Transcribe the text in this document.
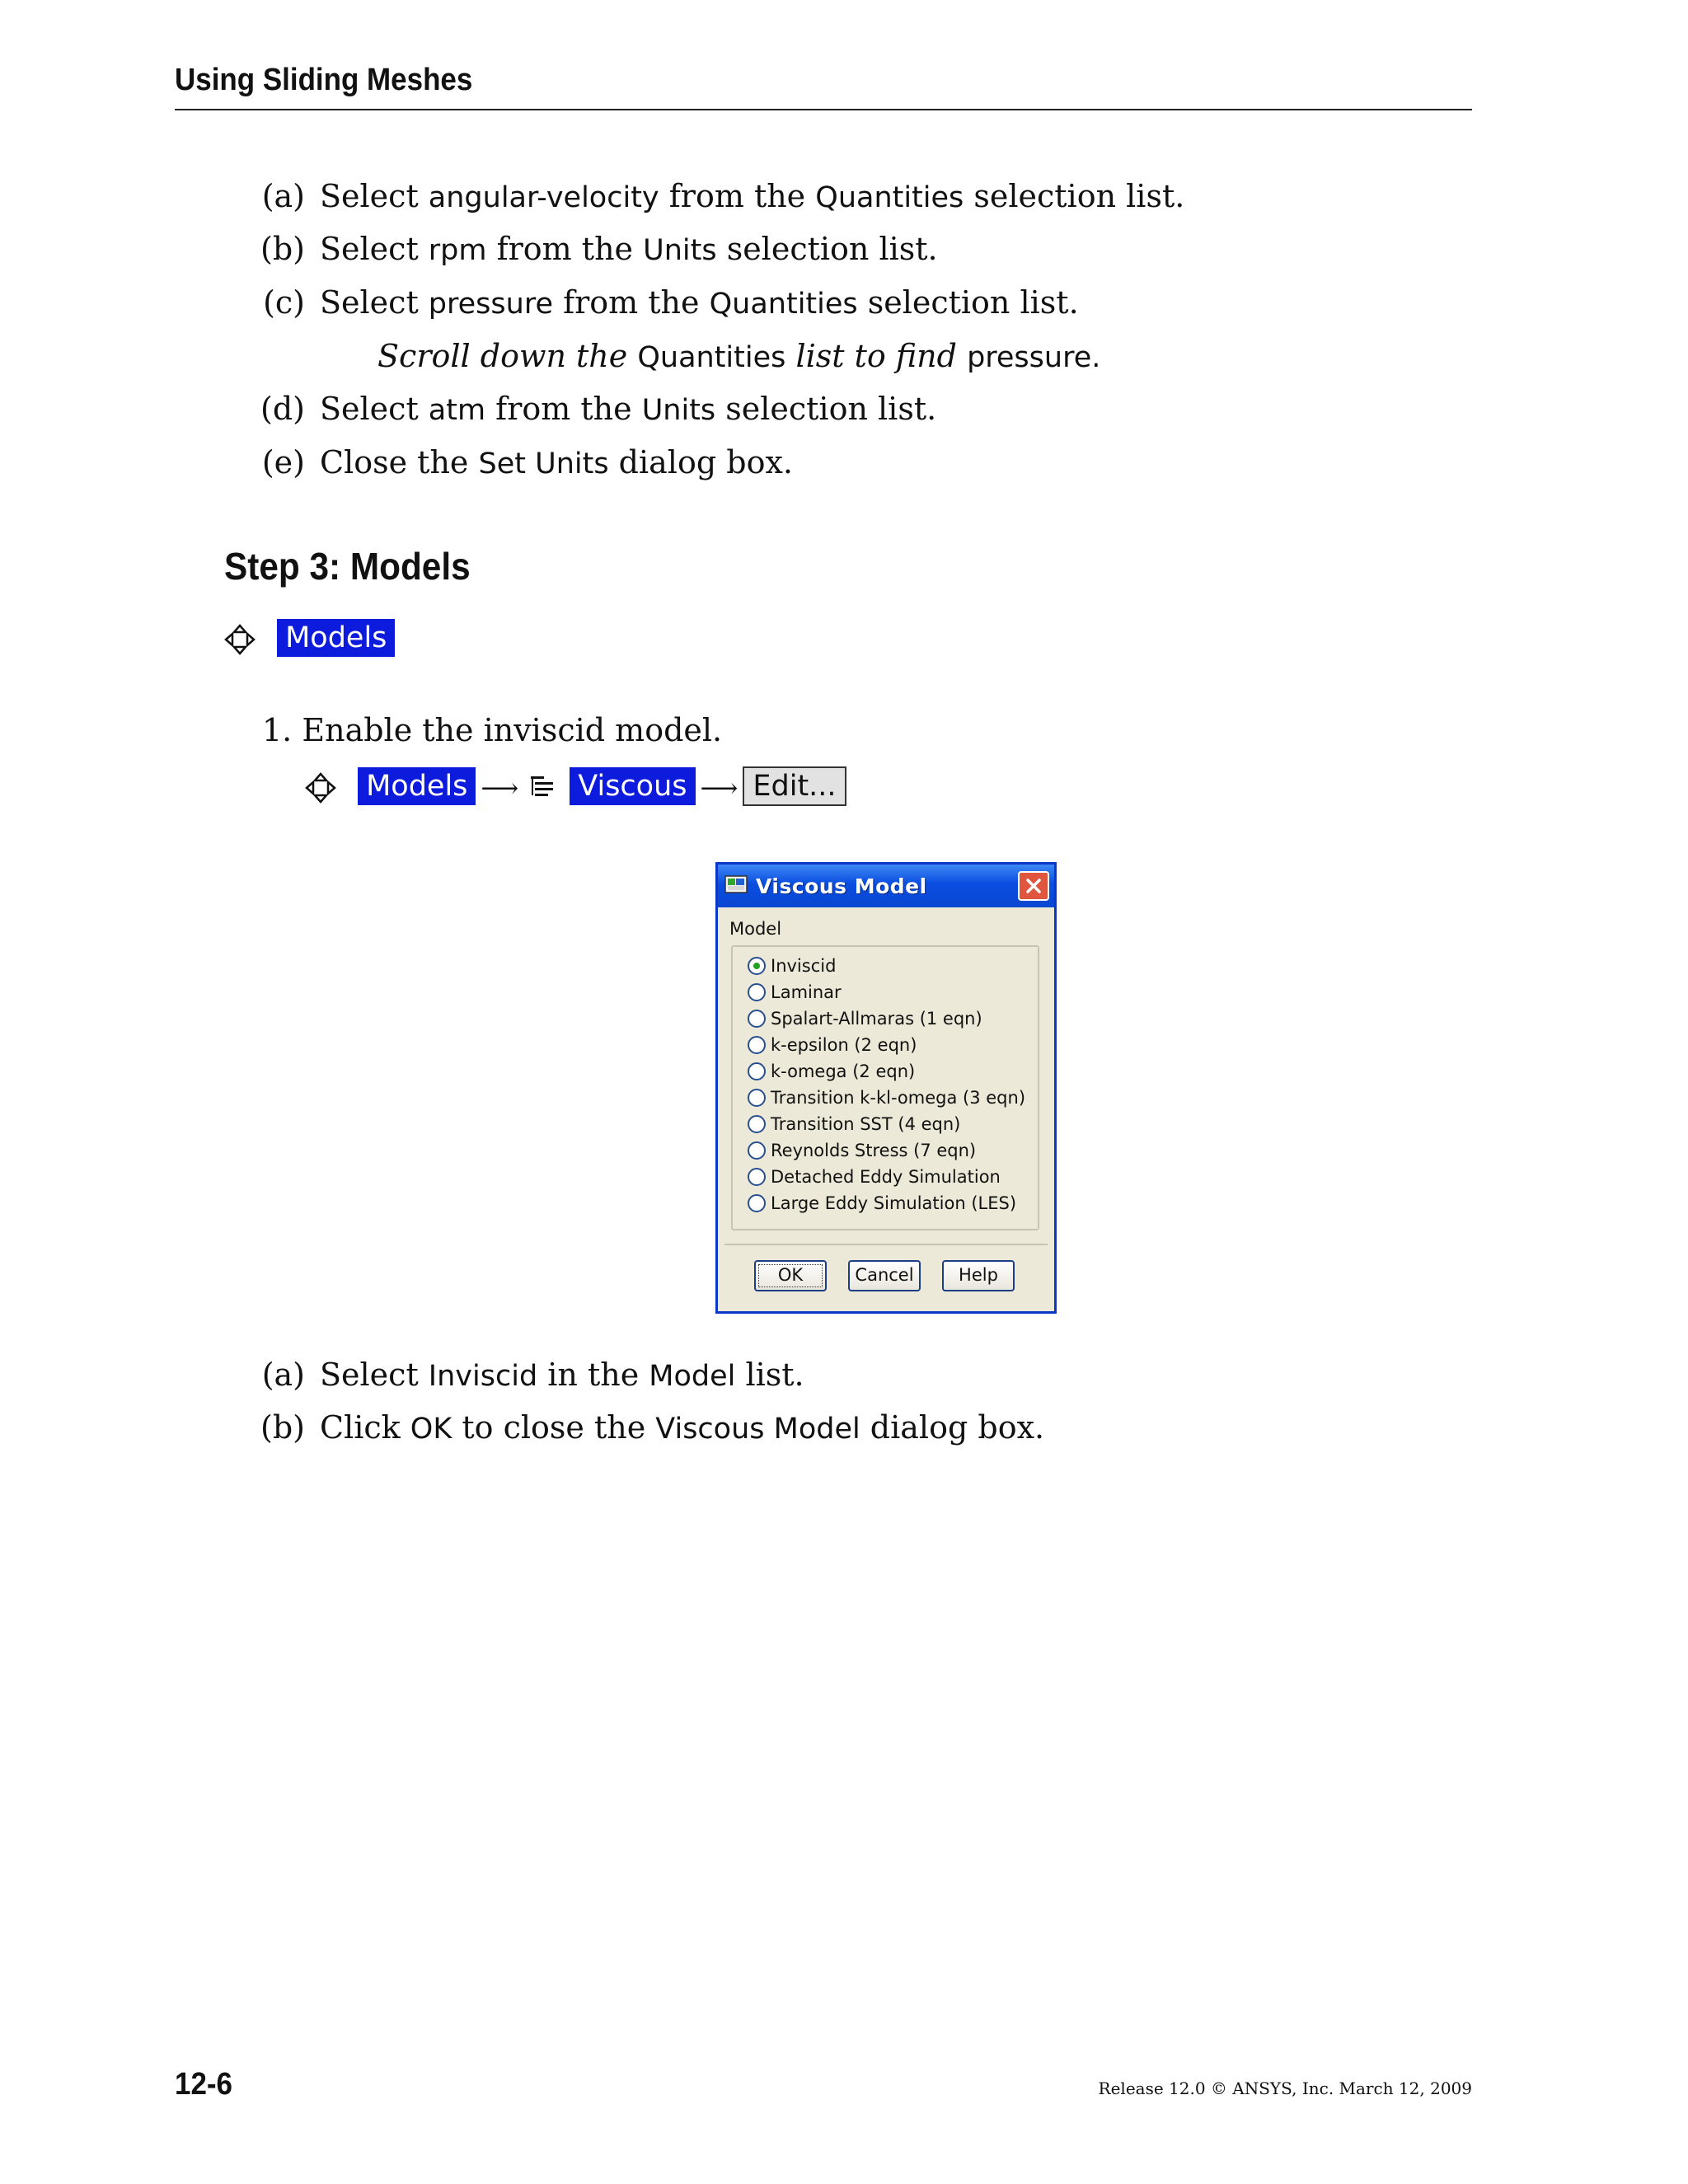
Using Sliding Meshes
(a) Select angular-velocity from the Quantities selection list.
(b) Select rpm from the Units selection list.
(c) Select pressure from the Quantities selection list.
Scroll down the Quantities list to find pressure.
(d) Select atm from the Units selection list.
(e) Close the Set Units dialog box.
Step 3: Models
Models
1. Enable the inviscid model.
Models ⟶ Viscous ⟶ Edit...
Viscous Model
Model
Inviscid
Laminar
Spalart-Allmaras (1 eqn)
k-epsilon (2 eqn)
k-omega (2 eqn)
Transition k-kl-omega (3 eqn)
Transition SST (4 eqn)
Reynolds Stress (7 eqn)
Detached Eddy Simulation
Large Eddy Simulation (LES)
OK	Cancel	Help
(a) Select Inviscid in the Model list.
(b) Click OK to close the Viscous Model dialog box.
12-6	Release 12.0 © ANSYS, Inc. March 12, 2009
